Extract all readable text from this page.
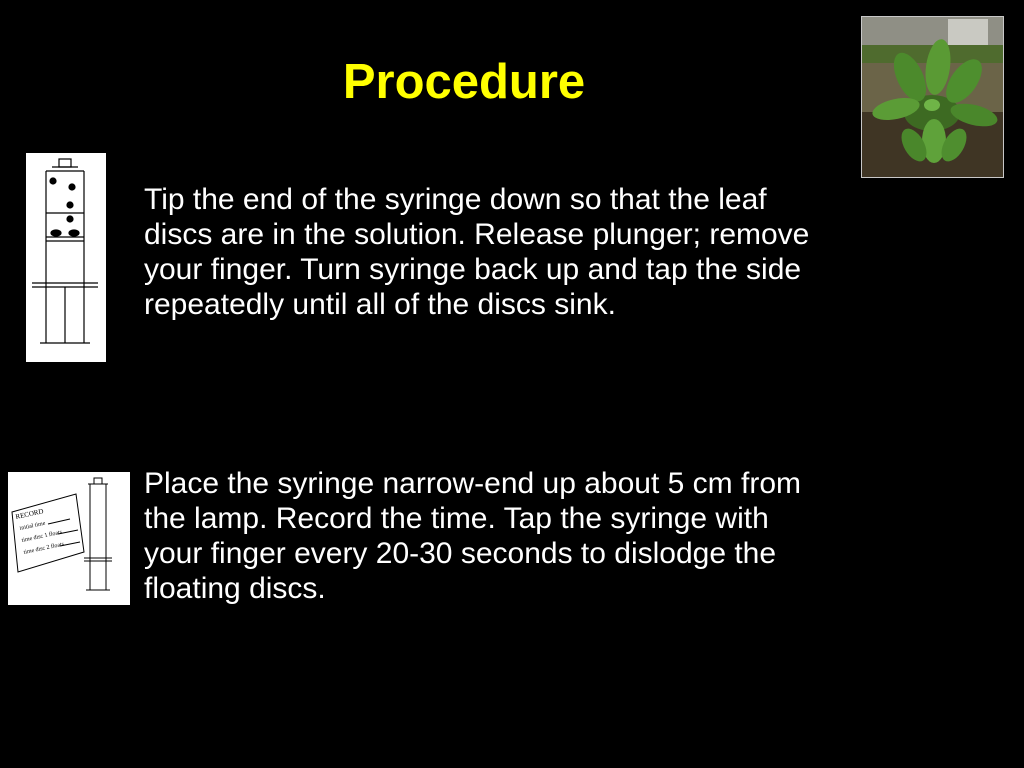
Procedure

Tip the end of the syringe down so that the leaf
discs are in the solution. Release plunger; remove
your finger. Turn syringe back up and tap the side
repeatedly until all of the discs sink.

RECORD
initial time
time disc 1 floats
time disc 2 floats

Place the syringe narrow-end up about 5 cm from
the lamp. Record the time. Tap the syringe with
your finger every 20-30 seconds to dislodge the
floating discs.
